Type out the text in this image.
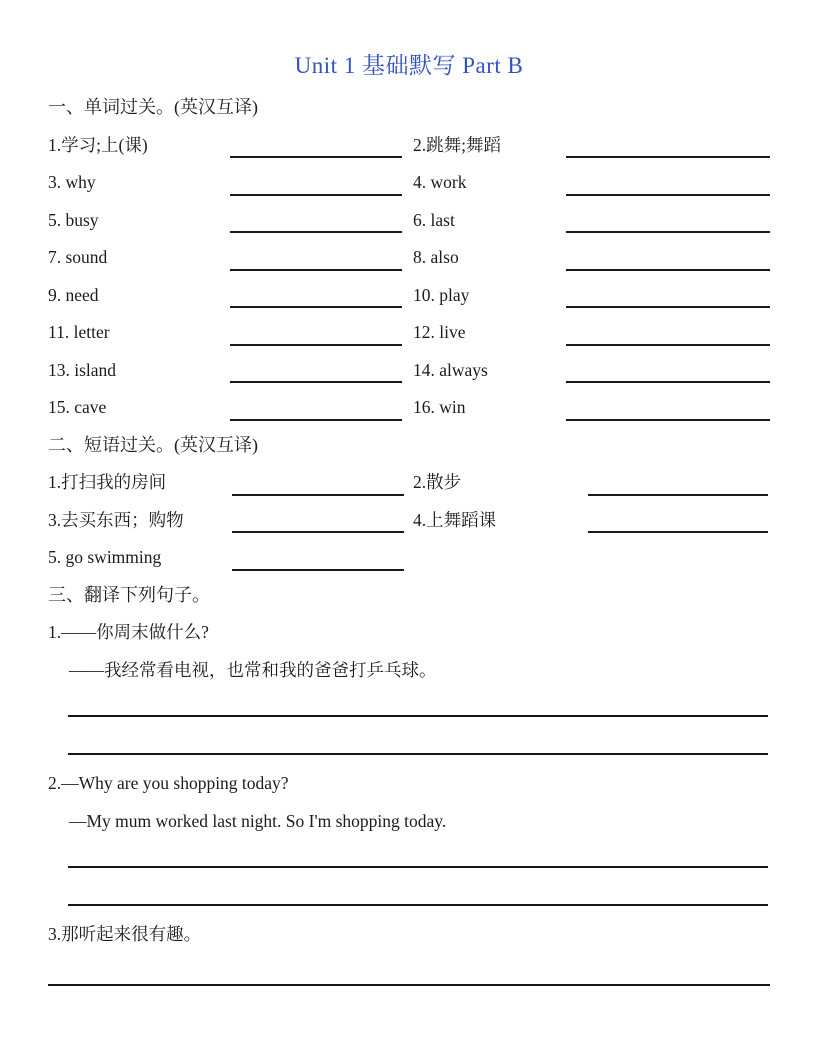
Unit 1 基础默写 Part B
一、单词过关。(英汉互译)
1.学习;上(课)	2.跳舞;舞蹈
3. why	4. work
5. busy	6. last
7. sound	8. also
9. need	10. play
11. letter	12. live
13. island	14. always
15. cave	16. win
二、短语过关。(英汉互译)
1.打扫我的房间	2.散步
3.去买东西；购物	4.上舞蹈课
5. go swimming
三、翻译下列句子。
1.——你周末做什么?
——我经常看电视，也常和我的爸爸打乒乓球。
2.—Why are you shopping today?
—My mum worked last night. So I'm shopping today.
3.那听起来很有趣。
